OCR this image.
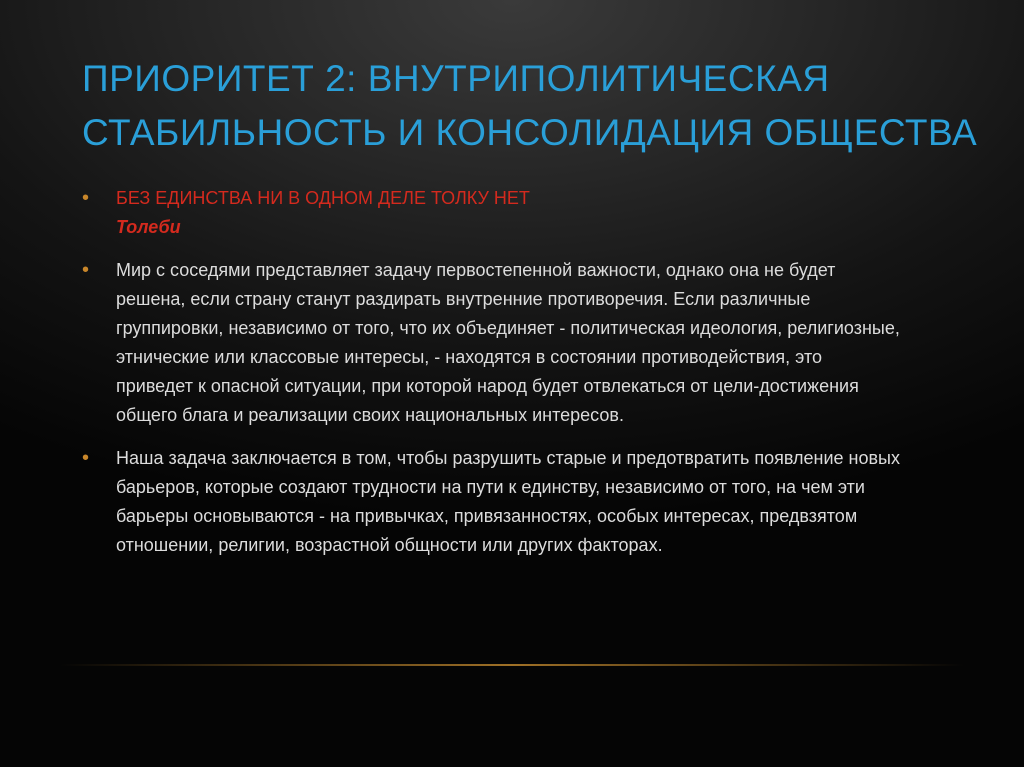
ПРИОРИТЕТ 2: ВНУТРИПОЛИТИЧЕСКАЯ
СТАБИЛЬНОСТЬ И КОНСОЛИДАЦИЯ ОБЩЕСТВА
• БЕЗ ЕДИНСТВА НИ В ОДНОМ ДЕЛЕ ТОЛКУ НЕТ
Толеби
• Мир с соседями представляет задачу первостепенной важности, однако она не будет решена, если страну станут раздирать внутренние противоречия. Если различные группировки, независимо от того, что их объединяет - политическая идеология, религиозные, этнические или классовые интересы, - находятся в состоянии противодействия, это приведет к опасной ситуации, при которой народ будет отвлекаться от цели-достижения общего блага и реализации своих национальных интересов.
• Наша задача заключается в том, чтобы разрушить старые и предотвратить появление новых барьеров, которые создают трудности на пути к единству, независимо от того, на чем эти барьеры основываются - на привычках, привязанностях, особых интересах, предвзятом отношении, религии, возрастной общности или других факторах.
